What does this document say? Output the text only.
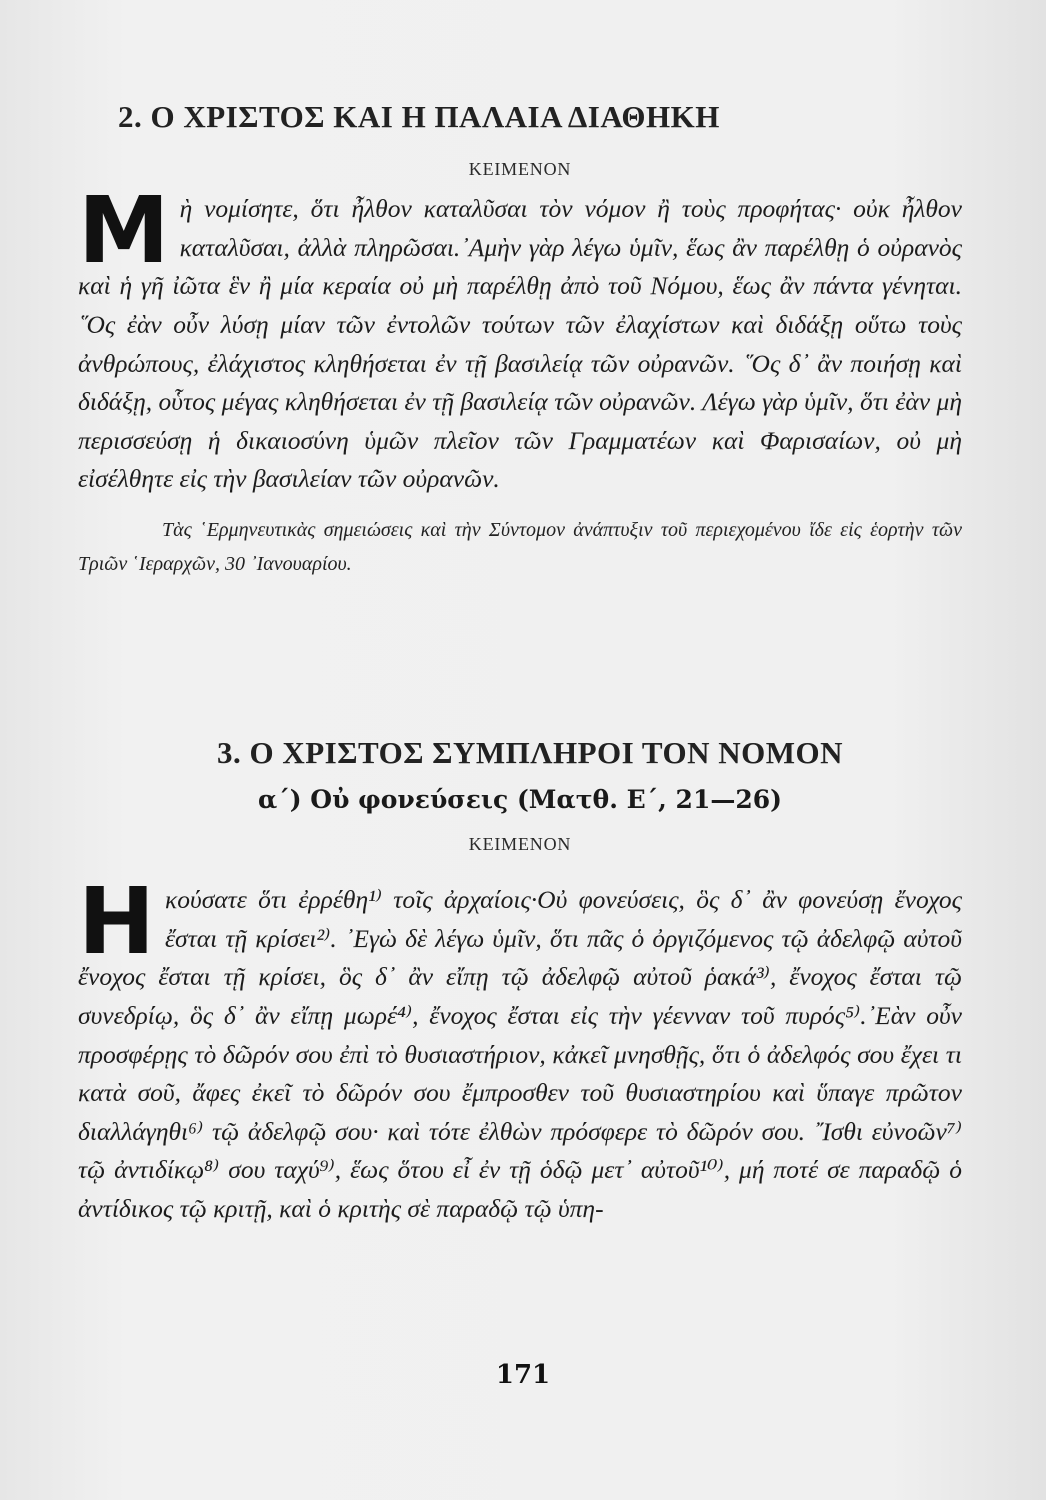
2. Ο ΧΡΙΣΤΟΣ ΚΑΙ Η ΠΑΛΑΙΑ ΔΙΑΘΗΚΗ
ΚΕΙΜΕΝΟΝ

Μὴ νομίσητε, ὅτι ἦλθον καταλῦσαι τὸν νόμον ἢ τοὺς προφήτας· οὐκ ἦλθον καταλῦσαι, ἀλλὰ πληρῶσαι.᾽Αμὴν γὰρ λέγω ὑμῖν, ἕως ἂν παρέλθῃ ὁ οὐρανὸς καὶ ἡ γῆ ἰῶτα ἓν ἢ μία κεραία οὐ μὴ παρέλθῃ ἀπὸ τοῦ Νόμου, ἕως ἂν πάντα γένηται. ῞Ος ἐὰν οὖν λύσῃ μίαν τῶν ἐντολῶν τούτων τῶν ἐλαχίστων καὶ διδάξῃ οὕτω τοὺς ἀνθρώπους, ἐλάχιστος κληθήσεται ἐν τῇ βασιλείᾳ τῶν οὐρανῶν. ῞Ος δ᾽ ἂν ποιήσῃ καὶ διδάξῃ, οὗτος μέγας κληθήσεται ἐν τῇ βασιλείᾳ τῶν οὐρανῶν. Λέγω γὰρ ὑμῖν, ὅτι ἐὰν μὴ περισσεύσῃ ἡ δικαιοσύνη ὑμῶν πλεῖον τῶν Γραμματέων καὶ Φαρισαίων, οὐ μὴ εἰσέλθητε εἰς τὴν βασιλείαν τῶν οὐρανῶν.

Τὰς ῾Ερμηνευτικὰς σημειώσεις καὶ τὴν Σύντομον ἀνάπτυξιν τοῦ περιεχομένου ἴδε εἰς ἑορτὴν τῶν Τριῶν ῾Ιεραρχῶν, 30 ᾽Ιανουαρίου.

3. Ο ΧΡΙΣΤΟΣ ΣΥΜΠΛΗΡΟΙ ΤΟΝ ΝΟΜΟΝ
α΄) Οὐ φονεύσεις (Ματθ. Ε΄, 21—26)
ΚΕΙΜΕΝΟΝ

Ηκούσατε ὅτι ἐρρέθη¹⁾ τοῖς ἀρχαίοις·Οὐ φονεύσεις, ὃς δ᾽ ἂν φονεύσῃ ἔνοχος ἔσται τῇ κρίσει²⁾. ᾽Εγὼ δὲ λέγω ὑμῖν, ὅτι πᾶς ὁ ὀργιζόμενος τῷ ἀδελφῷ αὐτοῦ ἔνοχος ἔσται τῇ κρίσει, ὃς δ᾽ ἂν εἴπῃ τῷ ἀδελφῷ αὐτοῦ ῥακά³⁾, ἔνοχος ἔσται τῷ συνεδρίῳ, ὃς δ᾽ ἂν εἴπῃ μωρέ⁴⁾, ἔνοχος ἔσται εἰς τὴν γέενναν τοῦ πυρός⁵⁾.᾽Εὰν οὖν προσφέρῃς τὸ δῶρόν σου ἐπὶ τὸ θυσιαστήριον, κἀκεῖ μνησθῇς, ὅτι ὁ ἀδελφός σου ἔχει τι κατὰ σοῦ, ἄφες ἐκεῖ τὸ δῶρόν σου ἔμπροσθεν τοῦ θυσιαστηρίου καὶ ὕπαγε πρῶτον διαλλάγηθι⁶⁾ τῷ ἀδελφῷ σου· καὶ τότε ἐλθὼν πρόσφερε τὸ δῶρόν σου. ῎Ισθι εὐνοῶν⁷⁾ τῷ ἀντιδίκῳ⁸⁾ σου ταχύ⁹⁾, ἕως ὅτου εἶ ἐν τῇ ὁδῷ μετ᾽ αὐτοῦ¹⁰⁾, μή ποτέ σε παραδῷ ὁ ἀντίδικος τῷ κριτῇ, καὶ ὁ κριτὴς σὲ παραδῷ τῷ ὑπη-

171
